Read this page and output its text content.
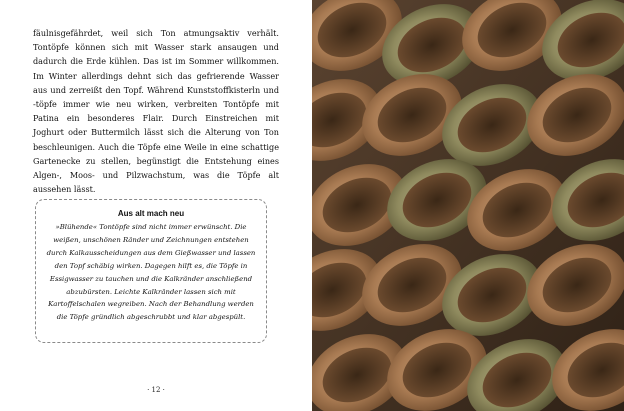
fäulnisgefährdet, weil sich Ton atmungsaktiv verhält. Tontöpfe können sich mit Wasser stark ansaugen und dadurch die Erde kühlen. Das ist im Sommer willkommen. Im Winter allerdings dehnt sich das gefrierende Wasser aus und zerreißt den Topf. Während Kunststoffkisterln und -töpfe immer wie neu wirken, verbreiten Tontöpfe mit Patina ein besonderes Flair. Durch Einstreichen mit Joghurt oder Buttermilch lässt sich die Alterung von Ton beschleunigen. Auch die Töpfe eine Weile in eine schattige Gartenecke zu stellen, begünstigt die Entstehung eines Algen-, Moos- und Pilzwachstum, was die Töpfe alt aussehen lässt.

Aus alt mach neu

»Blühende« Tontöpfe sind nicht immer erwünscht. Die weißen, unschönen Ränder und Zeichnungen entstehen durch Kalkausscheidungen aus dem Gießwasser und lassen den Topf schäbig wirken. Dagegen hilft es, die Töpfe in Essigwasser zu tauchen und die Kalkränder anschließend abzubürsten. Leichte Kalkränder lassen sich mit Kartoffelschalen wegreiben. Nach der Behandlung werden die Töpfe gründlich abgeschrubbt und klar abgespült.

· 12 ·
